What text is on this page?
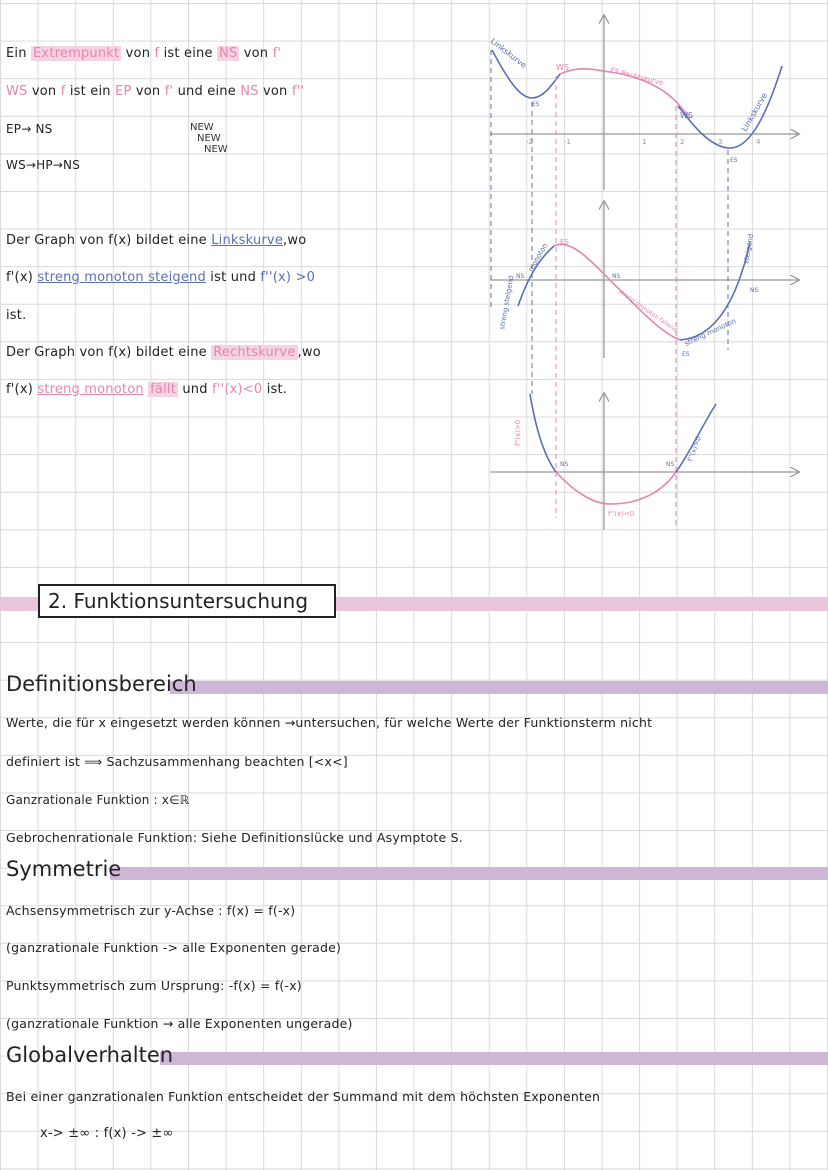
Ein Extrempunkt von f ist eine NS von f'
WS von f ist ein EP von f' und eine NS von f''
EP→ NS
WS→HP→NS
NEW
NEW
NEW
Der Graph von f(x) bildet eine Linkskurve,wo
f'(x) streng monoton steigend ist und f''(x) >0
ist.
Der Graph von f(x) bildet eine Rechtskurve ,wo
f'(x) streng monoton fällt und f''(x)<0 ist.
-2	-1	1	2	3	4
Linkskurve	WS
ES
ES Rechtskurve
WS	Linkskurve
ES
monoton ES
NS	NS
NS
streng steigend	streng monoton fallend streng monoton
steigend
ES
f''(x)>0
NS	NS
f''(x)>0
f''(x)<0
2. Funktionsuntersuchung
Definitionsbereich
Werte, die für x eingesetzt werden können →untersuchen, für welche Werte der Funktionsterm nicht
definiert ist ⟹ Sachzusammenhang beachten [<x<]
Ganzrationale Funktion : x∈ℝ
Gebrochenrationale Funktion: Siehe Definitionslücke und Asymptote S.
Symmetrie
Achsensymmetrisch zur y-Achse : f(x) = f(-x)
(ganzrationale Funktion -> alle Exponenten gerade)
Punktsymmetrisch zum Ursprung: -f(x) = f(-x)
(ganzrationale Funktion → alle Exponenten ungerade)
Globalverhalten
Bei einer ganzrationalen Funktion entscheidet der Summand mit dem höchsten Exponenten
x-> ±∞ : f(x) -> ±∞
